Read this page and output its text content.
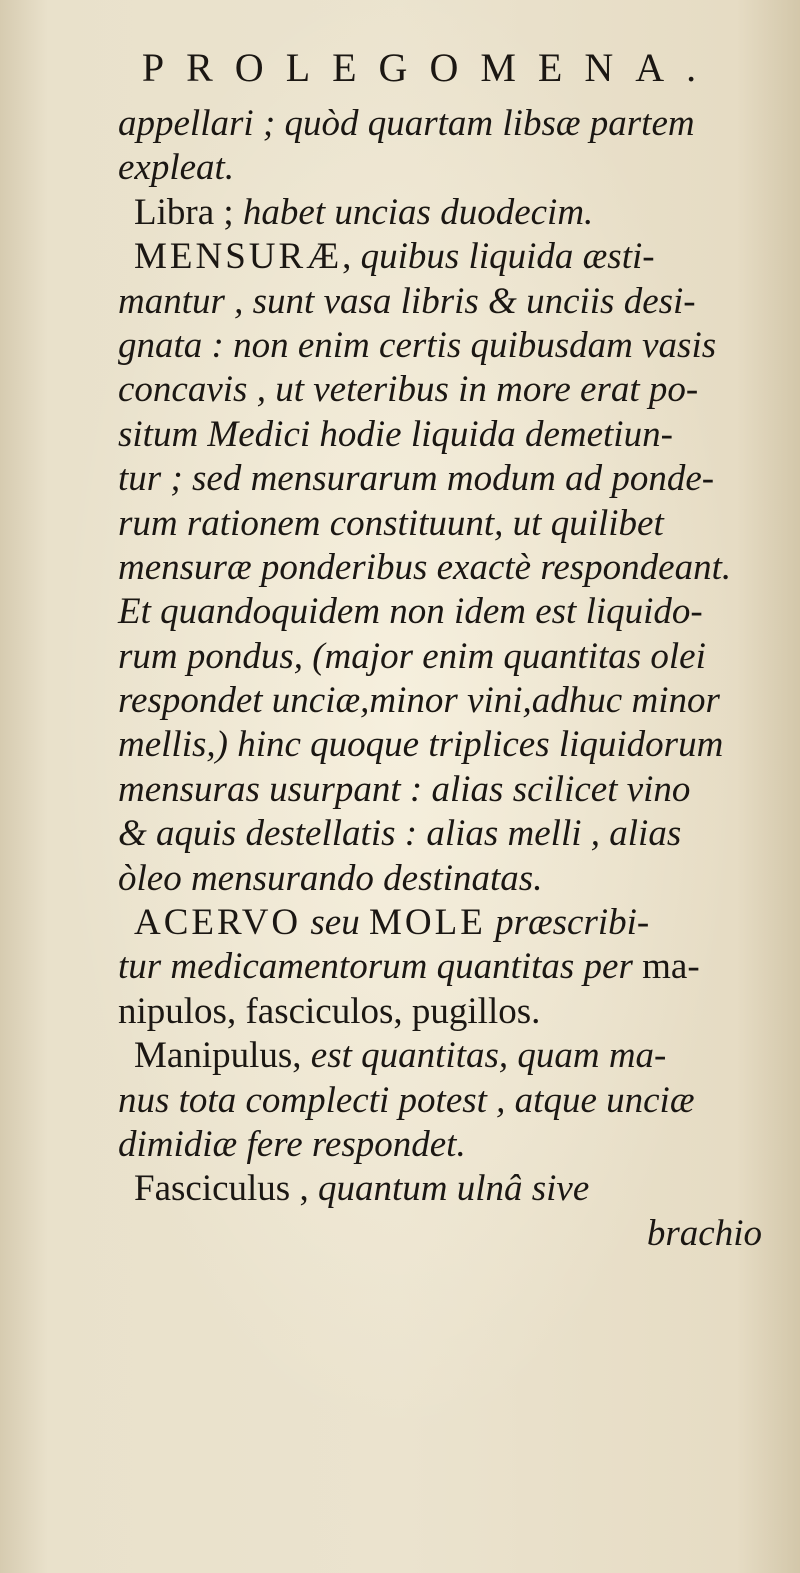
PROLEGOMENA.
appellari ; quòd quartam libsæ partem
expleat.
Libra ; habet uncias duodecim.
MENSURÆ, quibus liquida æsti-
mantur , sunt vasa libris & unciis desi-
gnata : non enim certis quibusdam vasis
concavis , ut veteribus in more erat po-
situm Medici hodie liquida demetiun-
tur ; sed mensurarum modum ad ponde-
rum rationem constituunt, ut quilibet
mensuræ ponderibus exactè respondeant.
Et quandoquidem non idem est liquido-
rum pondus, (major enim quantitas olei
respondet unciæ,minor vini,adhuc minor
mellis,) hinc quoque triplices liquidorum
mensuras usurpant : alias scilicet vino
& aquis destellatis : alias melli , alias
òleo mensurando destinatas.
ACERVO seu MOLE præscribi-
tur medicamentorum quantitas per ma-
nipulos, fasciculos, pugillos.
Manipulus, est quantitas, quam ma-
nus tota complecti potest , atque unciæ
dimidiæ fere respondet.
Fasciculus , quantum ulnâ sive
brachio
